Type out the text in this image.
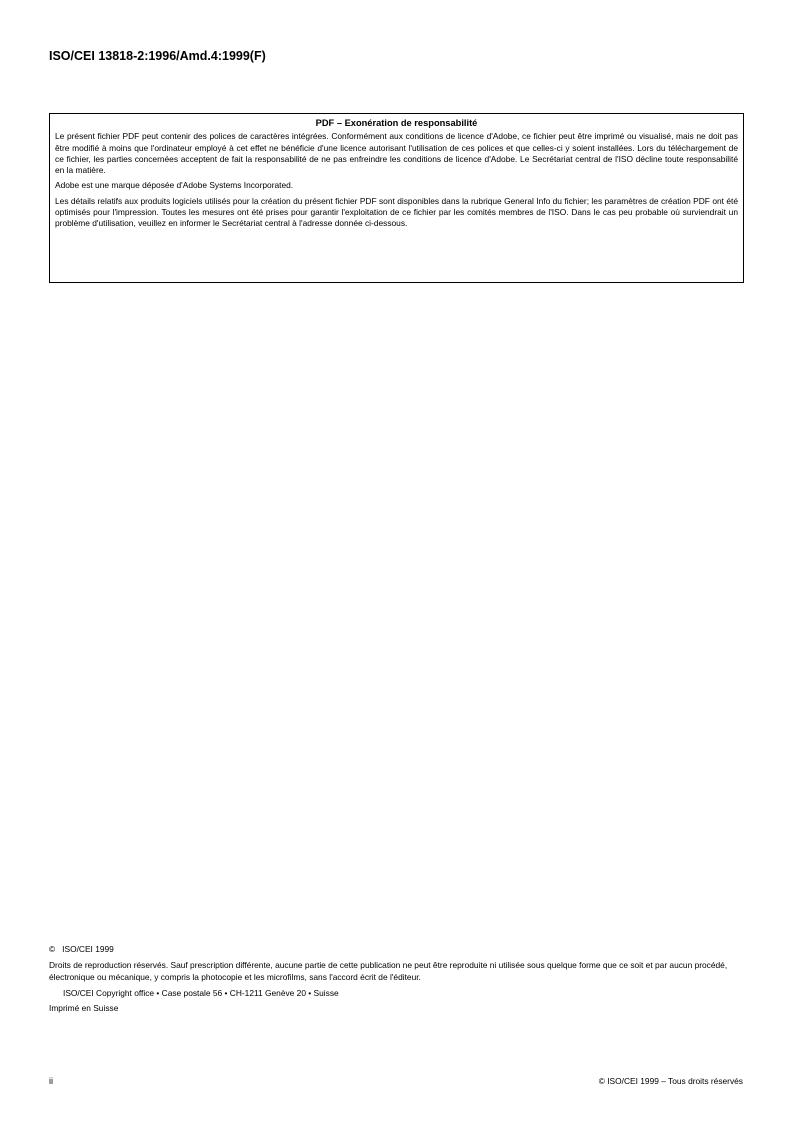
ISO/CEI 13818-2:1996/Amd.4:1999(F)
PDF – Exonération de responsabilité

Le présent fichier PDF peut contenir des polices de caractères intégrées. Conformément aux conditions de licence d'Adobe, ce fichier peut être imprimé ou visualisé, mais ne doit pas être modifié à moins que l'ordinateur employé à cet effet ne bénéficie d'une licence autorisant l'utilisation de ces polices et que celles-ci y soient installées. Lors du téléchargement de ce fichier, les parties concernées acceptent de fait la responsabilité de ne pas enfreindre les conditions de licence d'Adobe. Le Secrétariat central de l'ISO décline toute responsabilité en la matière.

Adobe est une marque déposée d'Adobe Systems Incorporated.

Les détails relatifs aux produits logiciels utilisés pour la création du présent fichier PDF sont disponibles dans la rubrique General Info du fichier; les paramètres de création PDF ont été optimisés pour l'impression. Toutes les mesures ont été prises pour garantir l'exploitation de ce fichier par les comités membres de l'ISO. Dans le cas peu probable où surviendrait un problème d'utilisation, veuillez en informer le Secrétariat central à l'adresse donnée ci-dessous.

©   ISO/CEI 1999

Droits de reproduction réservés. Sauf prescription différente, aucune partie de cette publication ne peut être reproduite ni utilisée sous quelque forme que ce soit et par aucun procédé, électronique ou mécanique, y compris la photocopie et les microfilms, sans l'accord écrit de l'éditeur.

ISO/CEI Copyright office • Case postale 56 • CH-1211 Genève 20 • Suisse

Imprimé en Suisse

ii	© ISO/CEI 1999 – Tous droits réservés
